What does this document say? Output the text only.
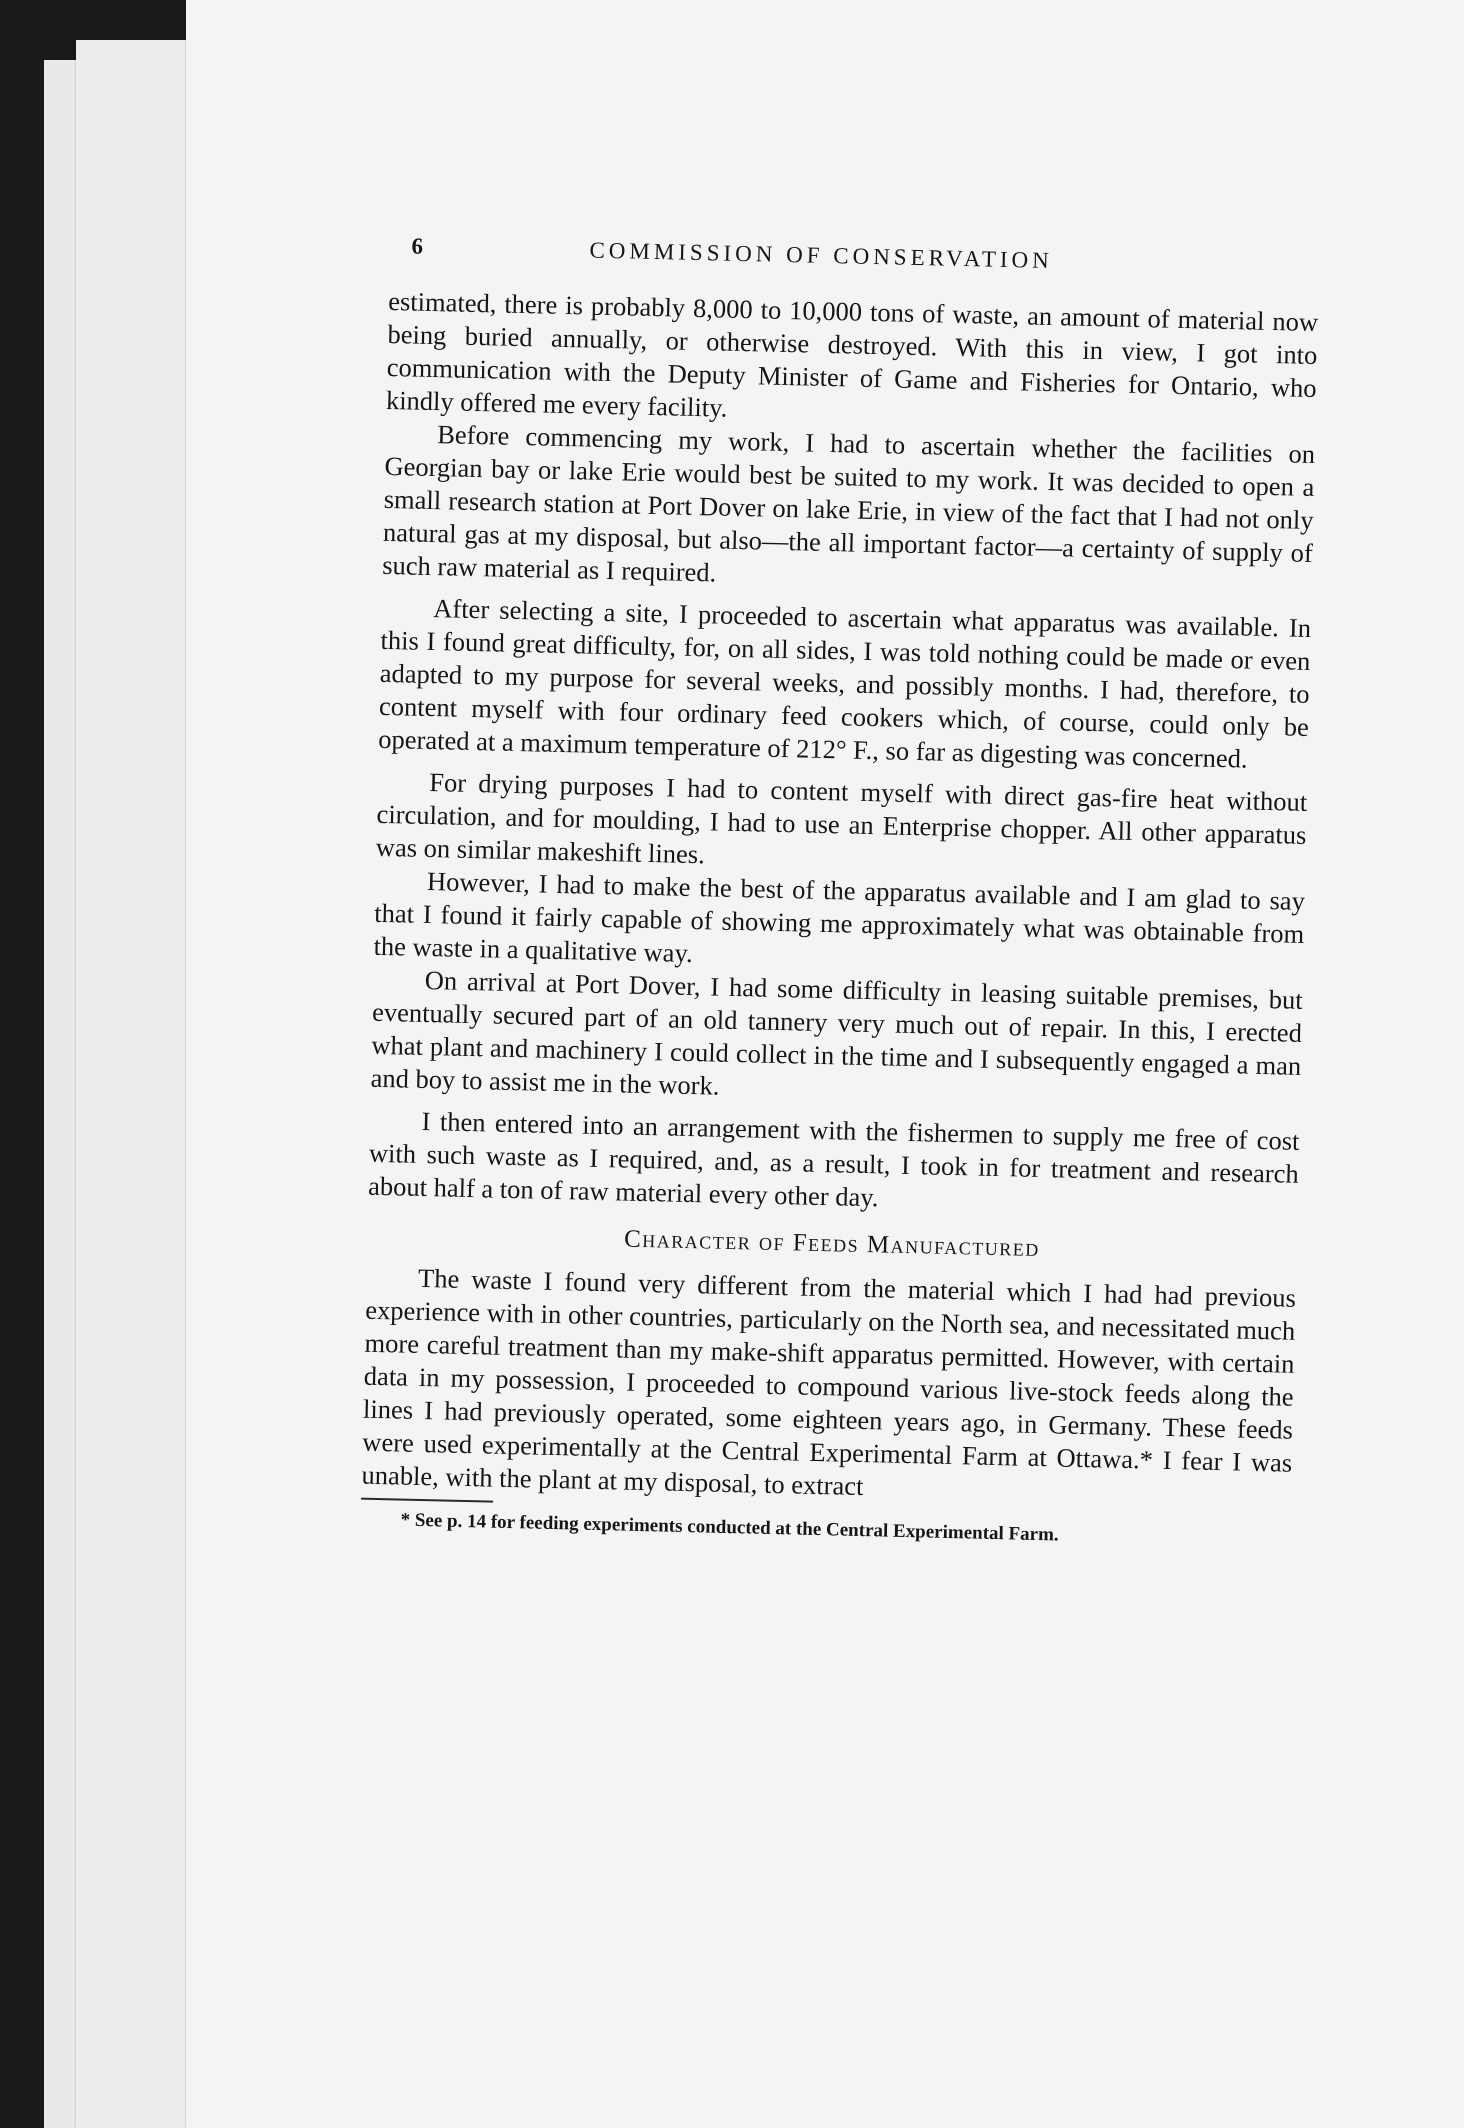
6	COMMISSION OF CONSERVATION

estimated, there is probably 8,000 to 10,000 tons of waste, an amount of material now being buried annually, or otherwise destroyed. With this in view, I got into communication with the Deputy Minister of Game and Fisheries for Ontario, who kindly offered me every facility.

Before commencing my work, I had to ascertain whether the facilities on Georgian bay or lake Erie would best be suited to my work. It was decided to open a small research station at Port Dover on lake Erie, in view of the fact that I had not only natural gas at my disposal, but also—the all important factor—a certainty of supply of such raw material as I required.

After selecting a site, I proceeded to ascertain what apparatus was available. In this I found great difficulty, for, on all sides, I was told nothing could be made or even adapted to my purpose for several weeks, and possibly months. I had, therefore, to content myself with four ordinary feed cookers which, of course, could only be operated at a maximum temperature of 212° F., so far as digesting was concerned.

For drying purposes I had to content myself with direct gas-fire heat without circulation, and for moulding, I had to use an Enterprise chopper. All other apparatus was on similar makeshift lines.

However, I had to make the best of the apparatus available and I am glad to say that I found it fairly capable of showing me approximately what was obtainable from the waste in a qualitative way.

On arrival at Port Dover, I had some difficulty in leasing suitable premises, but eventually secured part of an old tannery very much out of repair. In this, I erected what plant and machinery I could collect in the time and I subsequently engaged a man and boy to assist me in the work.

I then entered into an arrangement with the fishermen to supply me free of cost with such waste as I required, and, as a result, I took in for treatment and research about half a ton of raw material every other day.

Character of Feeds Manufactured

The waste I found very different from the material which I had had previous experience with in other countries, particularly on the North sea, and necessitated much more careful treatment than my make-shift apparatus permitted. However, with certain data in my possession, I proceeded to compound various live-stock feeds along the lines I had previously operated, some eighteen years ago, in Germany. These feeds were used experimentally at the Central Experimental Farm at Ottawa.* I fear I was unable, with the plant at my disposal, to extract

* See p. 14 for feeding experiments conducted at the Central Experimental Farm.
